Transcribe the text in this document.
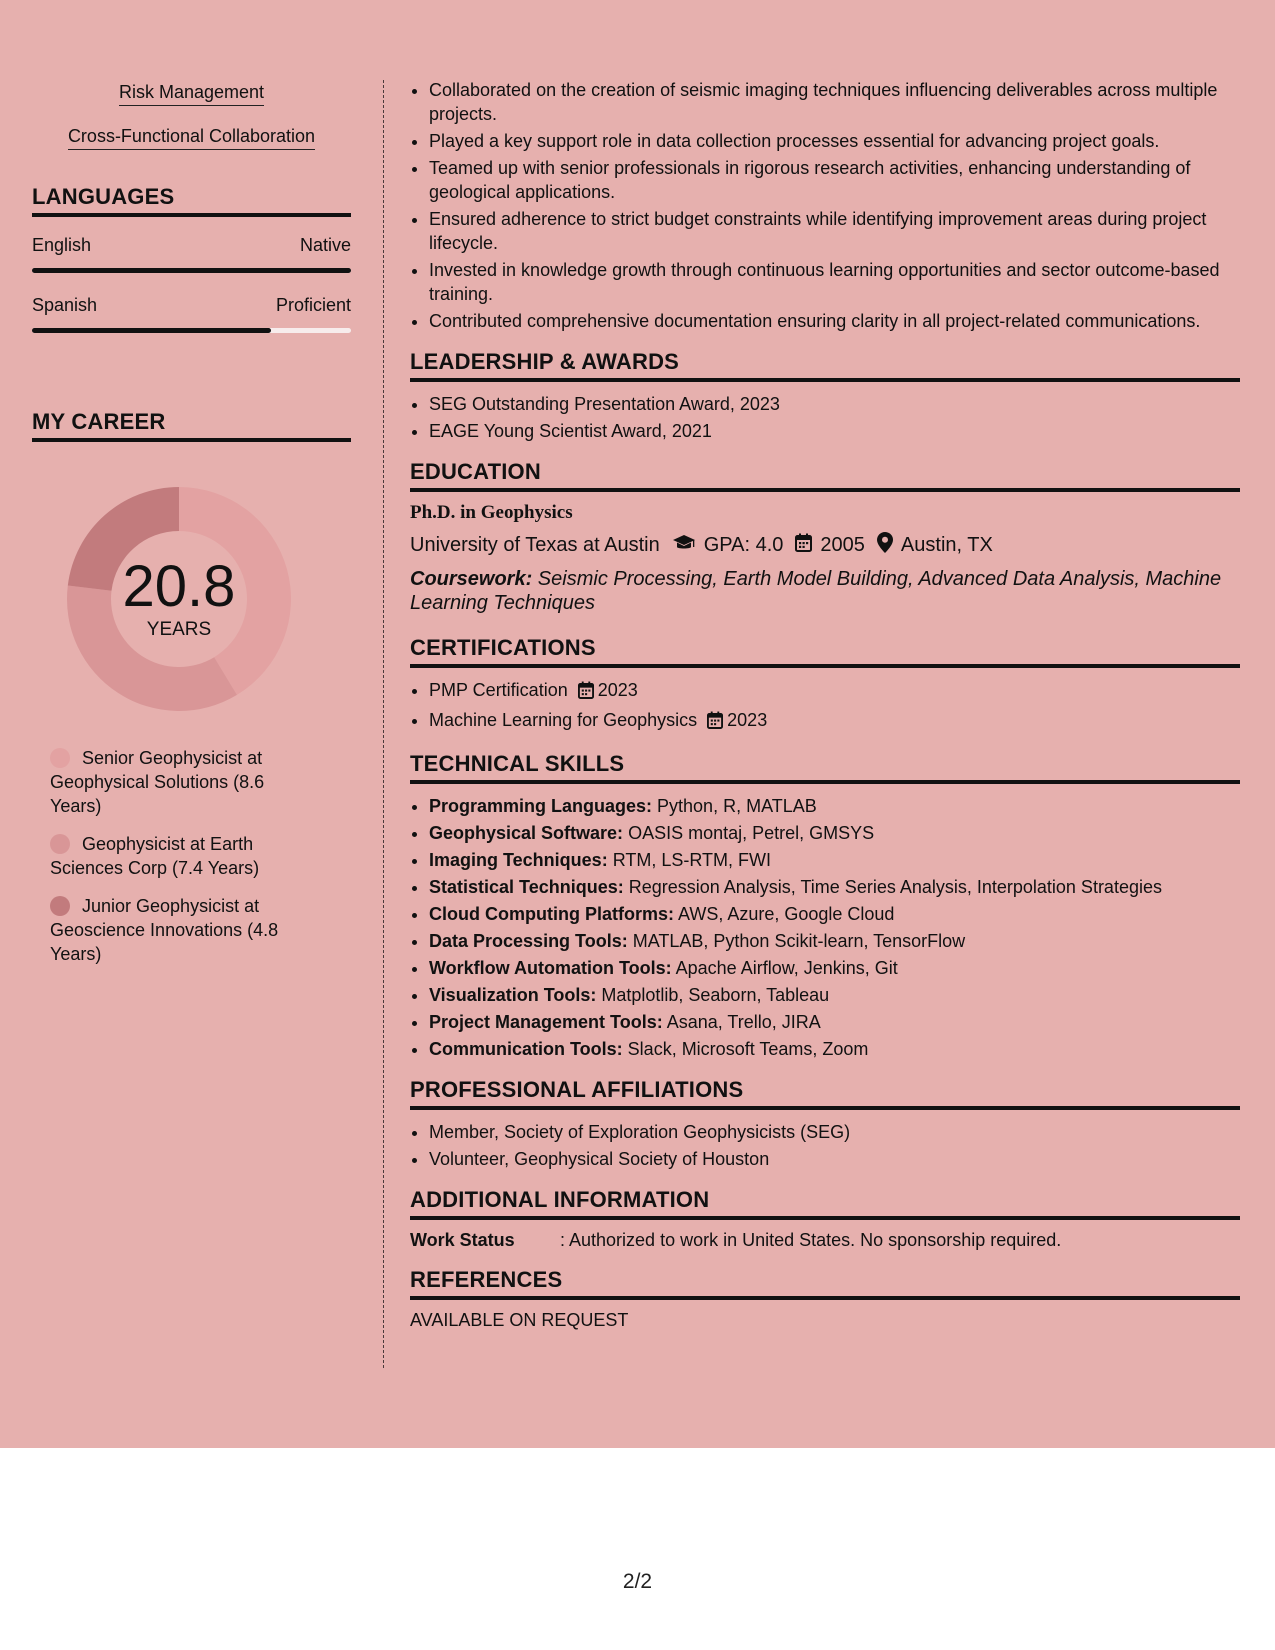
Risk Management
Cross-Functional Collaboration
LANGUAGES
English	Native
Spanish	Proficient
MY CAREER
20.8
YEARS
Senior Geophysicist at Geophysical Solutions (8.6 Years)
Geophysicist at Earth Sciences Corp (7.4 Years)
Junior Geophysicist at Geoscience Innovations (4.8 Years)
• Collaborated on the creation of seismic imaging techniques influencing deliverables across multiple projects.
• Played a key support role in data collection processes essential for advancing project goals.
• Teamed up with senior professionals in rigorous research activities, enhancing understanding of geological applications.
• Ensured adherence to strict budget constraints while identifying improvement areas during project lifecycle.
• Invested in knowledge growth through continuous learning opportunities and sector outcome-based training.
• Contributed comprehensive documentation ensuring clarity in all project-related communications.
LEADERSHIP & AWARDS
• SEG Outstanding Presentation Award, 2023
• EAGE Young Scientist Award, 2021
EDUCATION
Ph.D. in Geophysics
University of Texas at Austin GPA: 4.0 2005 Austin, TX
Coursework: Seismic Processing, Earth Model Building, Advanced Data Analysis, Machine Learning Techniques
CERTIFICATIONS
• PMP Certification 2023
• Machine Learning for Geophysics 2023
TECHNICAL SKILLS
• Programming Languages: Python, R, MATLAB
• Geophysical Software: OASIS montaj, Petrel, GMSYS
• Imaging Techniques: RTM, LS-RTM, FWI
• Statistical Techniques: Regression Analysis, Time Series Analysis, Interpolation Strategies
• Cloud Computing Platforms: AWS, Azure, Google Cloud
• Data Processing Tools: MATLAB, Python Scikit-learn, TensorFlow
• Workflow Automation Tools: Apache Airflow, Jenkins, Git
• Visualization Tools: Matplotlib, Seaborn, Tableau
• Project Management Tools: Asana, Trello, JIRA
• Communication Tools: Slack, Microsoft Teams, Zoom
PROFESSIONAL AFFILIATIONS
• Member, Society of Exploration Geophysicists (SEG)
• Volunteer, Geophysical Society of Houston
ADDITIONAL INFORMATION
Work Status	: Authorized to work in United States. No sponsorship required.
REFERENCES
AVAILABLE ON REQUEST
2/2
